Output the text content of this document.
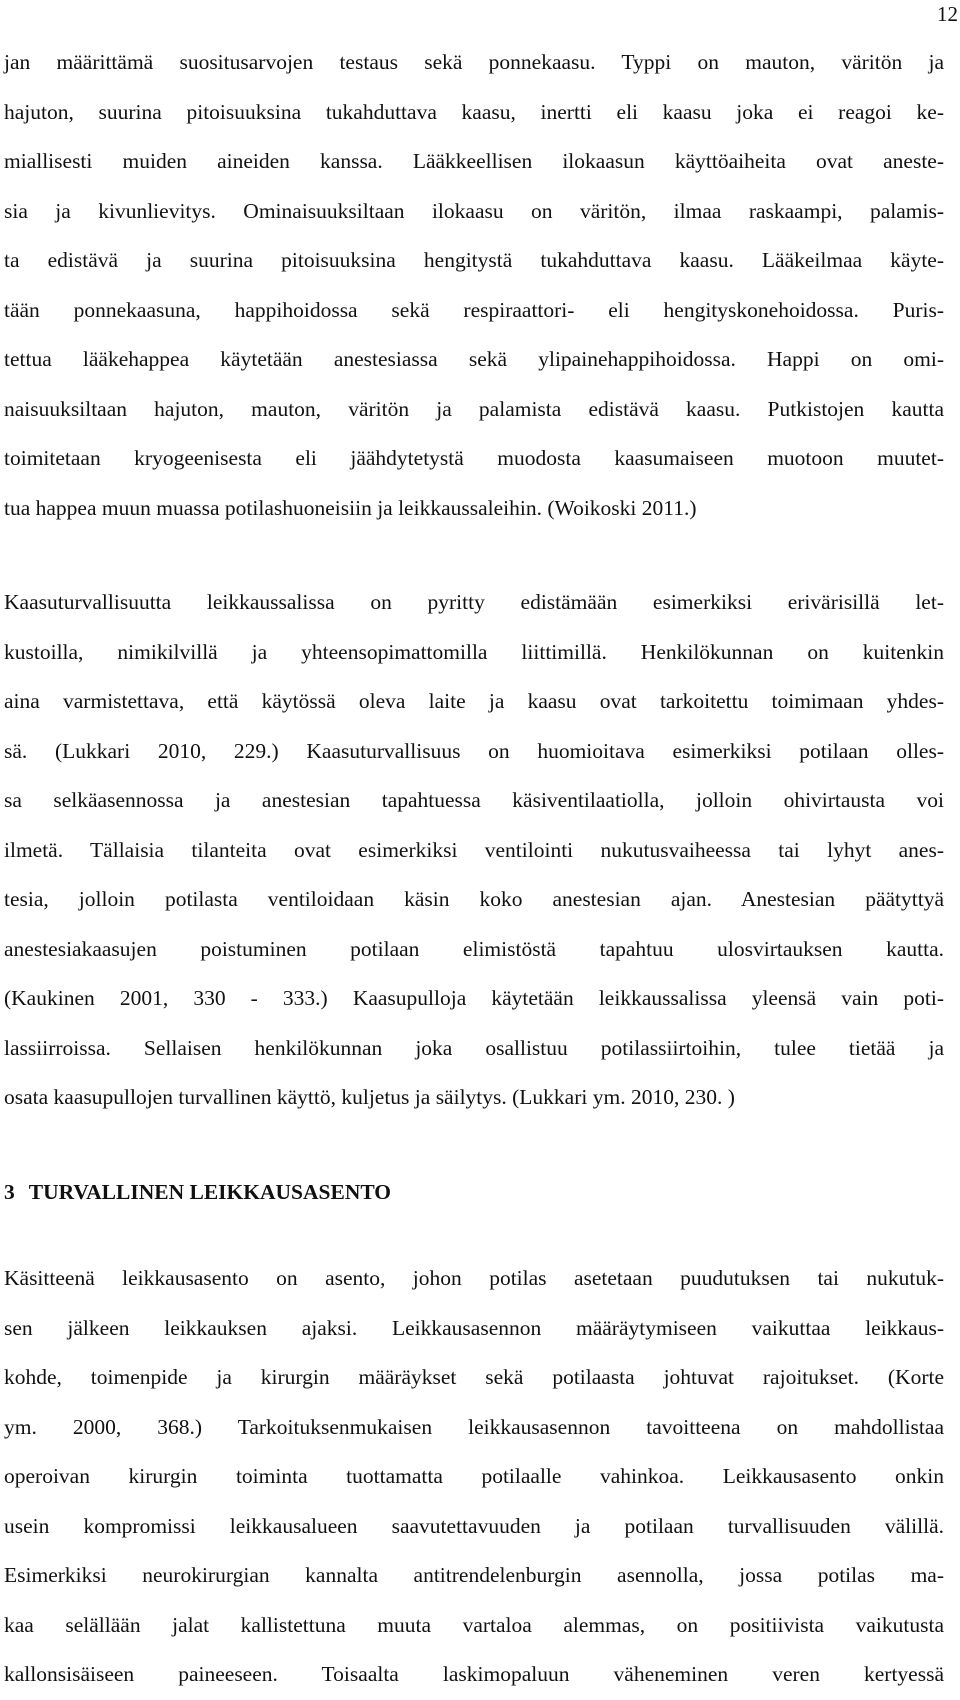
12
jan määrittämä suositusarvojen testaus sekä ponnekaasu. Typpi on mauton, väritön ja
hajuton, suurina pitoisuuksina tukahduttava kaasu, inertti eli kaasu joka ei reagoi ke-
miallisesti muiden aineiden kanssa. Lääkkeellisen ilokaasun käyttöaiheita ovat aneste-
sia ja kivunlievitys. Ominaisuuksiltaan ilokaasu on väritön, ilmaa raskaampi, palamis-
ta edistävä ja suurina pitoisuuksina hengitystä tukahduttava kaasu. Lääkeilmaa käyte-
tään ponnekaasuna, happihoidossa sekä respiraattori- eli hengityskonehoidossa. Puris-
tettua lääkehappea käytetään anestesiassa sekä ylipainehappihoidossa. Happi on omi-
naisuuksiltaan hajuton, mauton, väritön ja palamista edistävä kaasu. Putkistojen kautta
toimitetaan kryogeenisesta eli jäähdytetystä muodosta kaasumaiseen muotoon muutet-
tua happea muun muassa potilashuoneisiin ja leikkaussaleihin. (Woikoski 2011.)
Kaasuturvallisuutta leikkaussalissa on pyritty edistämään esimerkiksi erivärisillä let-
kustoilla, nimikilvillä ja yhteensopimattomilla liittimillä. Henkilökunnan on kuitenkin
aina varmistettava, että käytössä oleva laite ja kaasu ovat tarkoitettu toimimaan yhdes-
sä. (Lukkari 2010, 229.) Kaasuturvallisuus on huomioitava esimerkiksi potilaan olles-
sa selkäasennossa ja anestesian tapahtuessa käsiventilaatiolla, jolloin ohivirtausta voi
ilmetä. Tällaisia tilanteita ovat esimerkiksi ventilointi nukutusvaiheessa tai lyhyt anes-
tesia, jolloin potilasta ventiloidaan käsin koko anestesian ajan. Anestesian päätyttyä
anestesiakaasujen poistuminen potilaan elimistöstä tapahtuu ulosvirtauksen kautta.
(Kaukinen 2001, 330 - 333.) Kaasupulloja käytetään leikkaussalissa yleensä vain poti-
lassiirroissa. Sellaisen henkilökunnan joka osallistuu potilassiirtoihin, tulee tietää ja
osata kaasupullojen turvallinen käyttö, kuljetus ja säilytys. (Lukkari ym. 2010, 230. )
3 TURVALLINEN LEIKKAUSASENTO
Käsitteenä leikkausasento on asento, johon potilas asetetaan puudutuksen tai nukutuk-
sen jälkeen leikkauksen ajaksi. Leikkausasennon määräytymiseen vaikuttaa leikkaus-
kohde, toimenpide ja kirurgin määräykset sekä potilaasta johtuvat rajoitukset. (Korte
ym. 2000, 368.) Tarkoituksenmukaisen leikkausasennon tavoitteena on mahdollistaa
operoivan kirurgin toiminta tuottamatta potilaalle vahinkoa. Leikkausasento onkin
usein kompromissi leikkausalueen saavutettavuuden ja potilaan turvallisuuden välillä.
Esimerkiksi neurokirurgian kannalta antitrendelenburgin asennolla, jossa potilas ma-
kaa selällään jalat kallistettuna muuta vartaloa alemmas, on positiivista vaikutusta
kallonsisäiseen paineeseen. Toisaalta laskimopaluun väheneminen veren kertyessä
